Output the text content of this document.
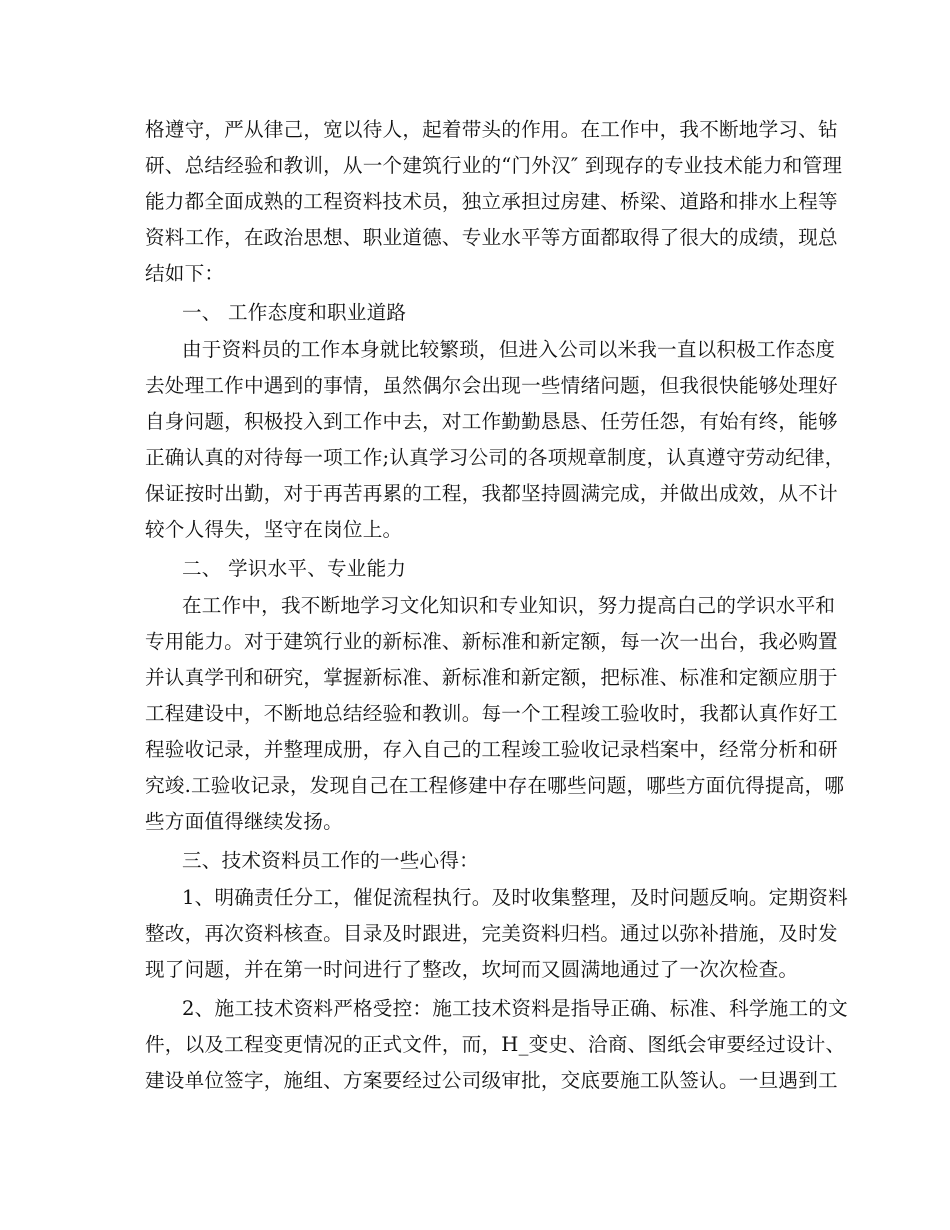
格遵守，严从律己，宽以待人，起着带头的作用。在工作中，我不断地学习、钻
研、总结经验和教训，从一个建筑行业的“门外汉″ 到现存的专业技术能力和管理
能力都全面成熟的工程资料技术员，独立承担过房建、桥梁、道路和排水上程等
资料工作，在政治思想、职业道德、专业水平等方面都取得了很大的成绩，现总
结如下：
一、 工作态度和职业道路
由于资料员的工作本身就比较繁琐，但进入公司以米我一直以积极工作态度
去处理工作中遇到的事情，虽然偶尔会出现一些情绪问题，但我很快能够处理好
自身问题，积极投入到工作中去，对工作勤勤恳恳、任劳任怨，有始有终，能够
正确认真的对待每一项工作;认真学习公司的各项规章制度，认真遵守劳动纪律，
保证按时出勤，对于再苦再累的工程，我都坚持圆满完成，并做出成效，从不计
较个人得失，坚守在岗位上。
二、 学识水平、专业能力
在工作中，我不断地学习文化知识和专业知识，努力提高白己的学识水平和
专用能力。对于建筑行业的新标准、新标准和新定额，每一次一出台，我必购置
并认真学刊和研究，掌握新标准、新标准和新定额，把标准、标准和定额应朋于
工程建设中，不断地总结经验和教训。每一个工程竣工验收时，我都认真作好工
程验收记录，并整理成册，存入自己的工程竣工验收记录档案中，经常分析和研
究竣.工验收记录，发现自己在工程修建中存在哪些问题，哪些方面伉得提高，哪
些方面值得继续发扬。
三、技术资料员工作的一些心得：
1、明确责任分工，催促流程执行。及时收集整理，及时问题反响。定期资料
整改，再次资料核查。目录及时跟进，完美资料归档。通过以弥补措施，及时发
现了问题，并在第一时问进行了整改，坎坷而又圆满地通过了一次次检查。
2、施工技术资料严格受控：施工技术资料是指导正确、标准、科学施工的文
件，以及工程变更情况的正式文件，而，H_变史、洽商、图纸会审要经过设计、
建设单位签字，施组、方案要经过公司级审批，交底要施工队签认。一旦遇到工
